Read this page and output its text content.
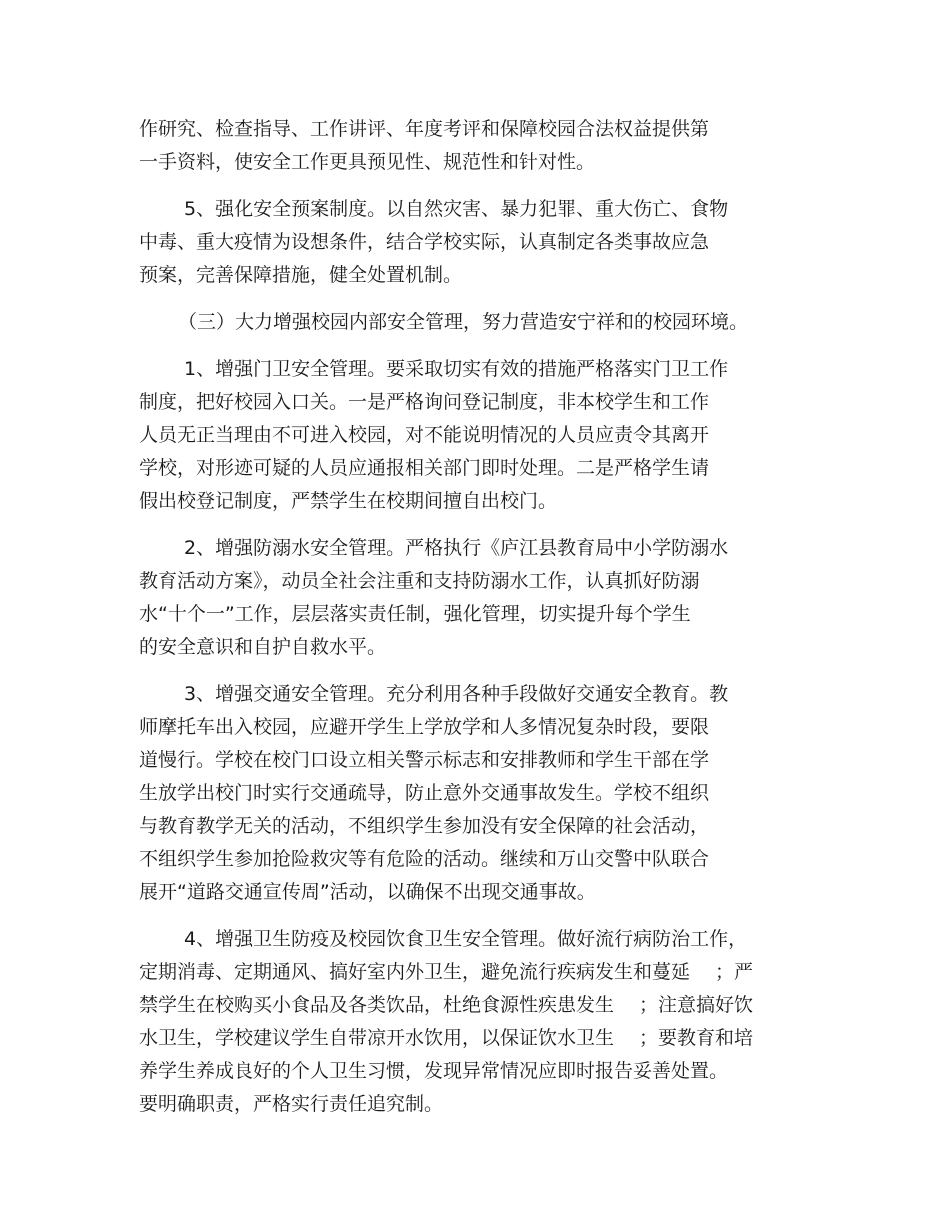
作研究、检查指导、工作讲评、年度考评和保障校园合法权益提供第
一手资料，使安全工作更具预见性、规范性和针对性。
5、强化安全预案制度。以自然灾害、暴力犯罪、重大伤亡、食物
中毒、重大疫情为设想条件，结合学校实际，认真制定各类事故应急
预案，完善保障措施，健全处置机制。
（三）大力增强校园内部安全管理，努力营造安宁祥和的校园环境。
1、增强门卫安全管理。要采取切实有效的措施严格落实门卫工作
制度，把好校园入口关。一是严格询问登记制度，非本校学生和工作
人员无正当理由不可进入校园，对不能说明情况的人员应责令其离开
学校，对形迹可疑的人员应通报相关部门即时处理。二是严格学生请
假出校登记制度，严禁学生在校期间擅自出校门。
2、增强防溺水安全管理。严格执行《庐江县教育局中小学防溺水
教育活动方案》，动员全社会注重和支持防溺水工作，认真抓好防溺
水“十个一”工作，层层落实责任制，强化管理，切实提升每个学生
的安全意识和自护自救水平。
3、增强交通安全管理。充分利用各种手段做好交通安全教育。教
师摩托车出入校园，应避开学生上学放学和人多情况复杂时段，要限
道慢行。学校在校门口设立相关警示标志和安排教师和学生干部在学
生放学出校门时实行交通疏导，防止意外交通事故发生。学校不组织
与教育教学无关的活动，不组织学生参加没有安全保障的社会活动，
不组织学生参加抢险救灾等有危险的活动。继续和万山交警中队联合
展开“道路交通宣传周”活动，以确保不出现交通事故。
4、增强卫生防疫及校园饮食卫生安全管理。做好流行病防治工作，
定期消毒、定期通风、搞好室内外卫生，避免流行疾病发生和蔓延　 ；严
禁学生在校购买小食品及各类饮品，杜绝食源性疾患发生　 ；注意搞好饮
水卫生，学校建议学生自带凉开水饮用，以保证饮水卫生　 ；要教育和培
养学生养成良好的个人卫生习惯，发现异常情况应即时报告妥善处置。
要明确职责，严格实行责任追究制。
